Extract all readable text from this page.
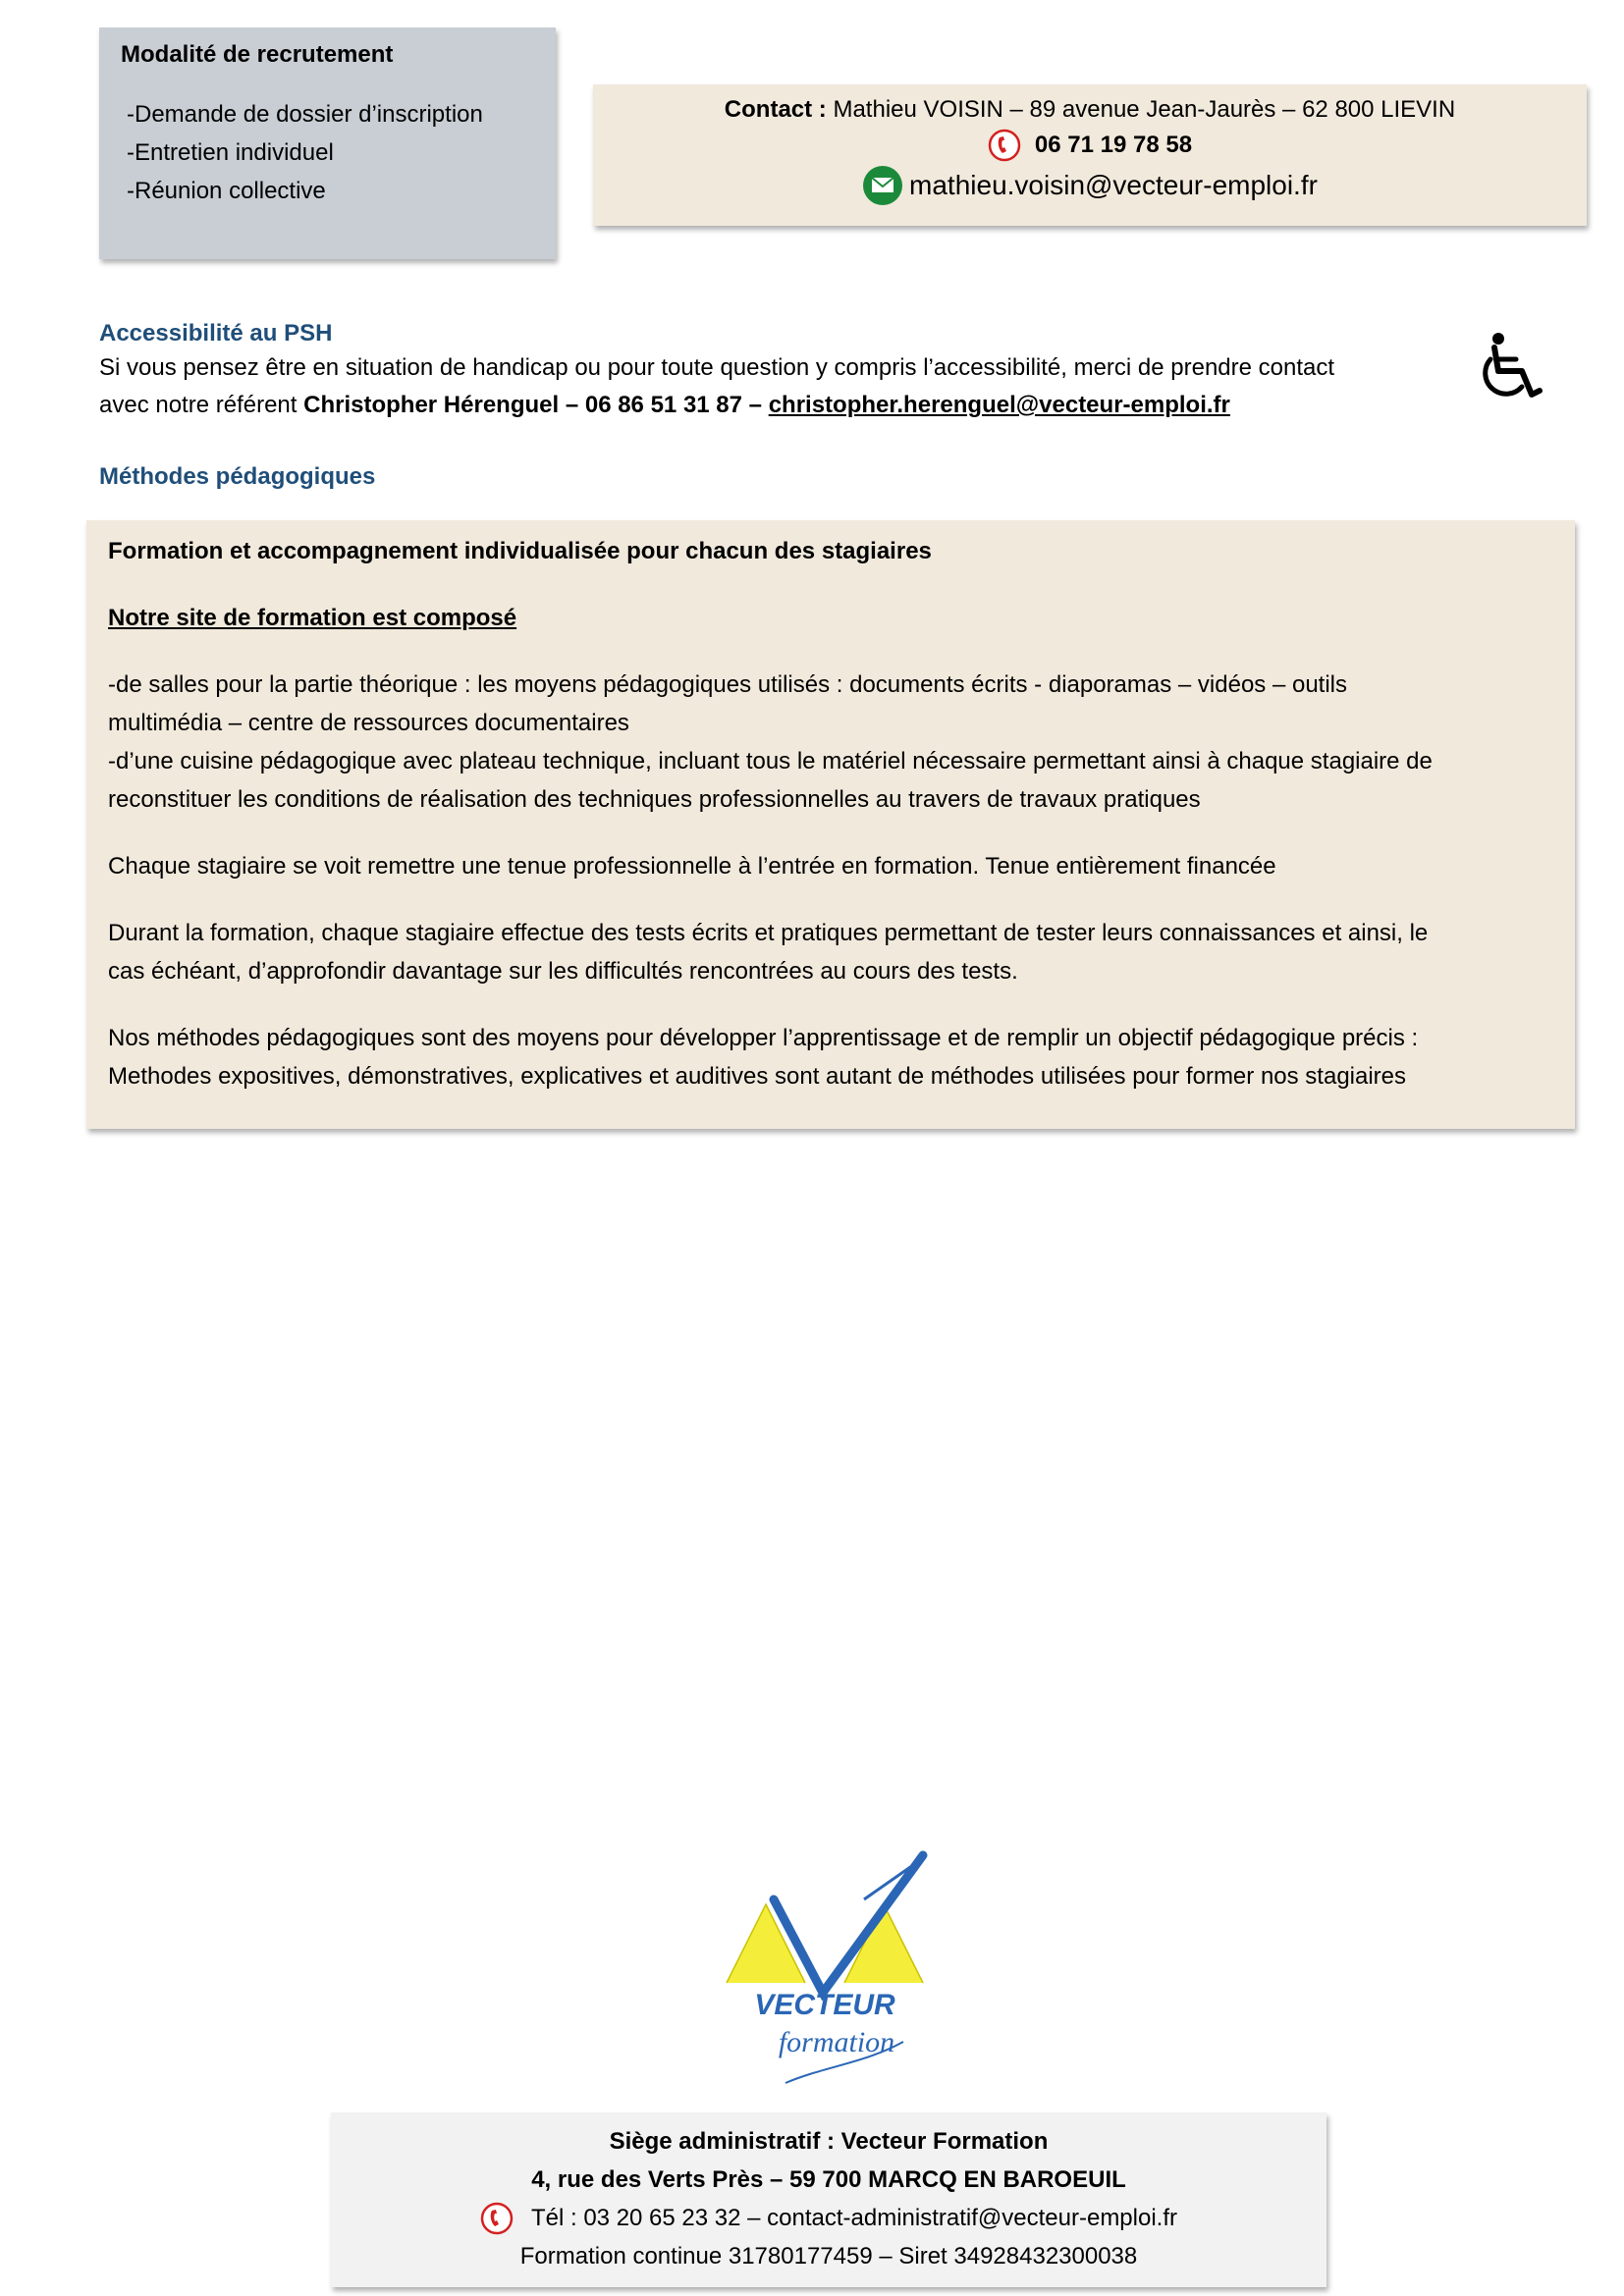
Modalité de recrutement
-Demande de dossier d’inscription
-Entretien individuel
-Réunion collective
Contact : Mathieu VOISIN – 89 avenue Jean-Jaurès – 62 800 LIEVIN
06 71 19 78 58
mathieu.voisin@vecteur-emploi.fr
Accessibilité au PSH
Si vous pensez être en situation de handicap ou pour toute question y compris l’accessibilité, merci de prendre contact
avec notre référent Christopher Hérenguel – 06 86 51 31 87 – christopher.herenguel@vecteur-emploi.fr
Méthodes pédagogiques

Formation et accompagnement individualisée pour chacun des stagiaires

Notre site de formation est composé

-de salles pour la partie théorique : les moyens pédagogiques utilisés : documents écrits - diaporamas – vidéos – outils

multimédia – centre de ressources documentaires

-d’une cuisine pédagogique avec plateau technique, incluant tous le matériel nécessaire permettant ainsi à chaque stagiaire de

reconstituer les conditions de réalisation des techniques professionnelles au travers de travaux pratiques

Chaque stagiaire se voit remettre une tenue professionnelle à l’entrée en formation. Tenue entièrement financée

Durant la formation, chaque stagiaire effectue des tests écrits et pratiques permettant de tester leurs connaissances et ainsi, le

cas échéant, d’approfondir davantage sur les difficultés rencontrées au cours des tests.

Nos méthodes pédagogiques sont des moyens pour développer l’apprentissage et de remplir un objectif pédagogique précis :

Methodes expositives, démonstratives, explicatives et auditives sont autant de méthodes utilisées pour former nos stagiaires

VECTEUR
formation
Siège administratif : Vecteur Formation
4, rue des Verts Près – 59 700 MARCQ EN BAROEUIL
Tél : 03 20 65 23 32 – contact-administratif@vecteur-emploi.fr
Formation continue 31780177459 – Siret 34928432300038
